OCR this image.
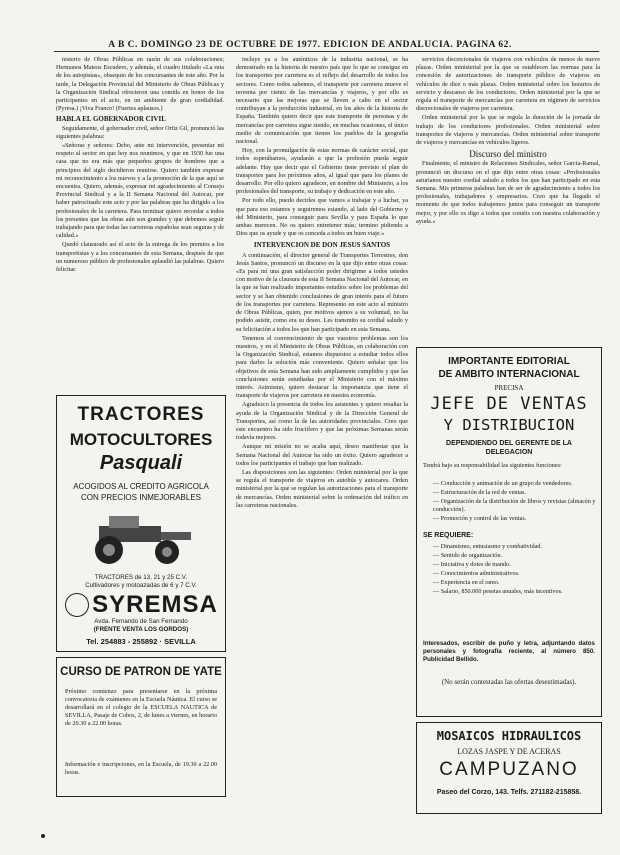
A B C. DOMINGO 23 DE OCTUBRE DE 1977. EDICION DE ANDALUCIA. PAGINA 62.

nisterio de Obras Públicas en razón de sus colaboraciones; Hermanos Mateos Escudero, y además, el cuadro titulado «La ruta de los autopistas», obsequio de los concursantes de este año. Por la tarde, la Delegación Provincial del Ministerio de Obras Públicas y la Organización Sindical ofrecieron una comida en honor de los participantes en el acto, en un ambiente de gran cordialidad. (Pyresa.) ¡Viva Franco! (Fuertes aplausos.)

HABLA EL GOBERNADOR CIVIL

Seguidamente, el gobernador civil, señor Ortiz Gil, pronunció las siguientes palabras:

«Señoras y señores: Debo, ante mi intervención, presentar mi respeto al sector en que hoy nos reunimos, y que en 1930 fue una casa que no era más que pequeños grupos de hombres que a principios del siglo decidieron reunirse. Quiero también expresar mi reconocimiento a los nuevos y a la promoción de la que aquí se encuentra. Quiero, además, expresar mi agradecimiento al Consejo Provincial Sindical y a la II Semana Nacional del Autocar, por haber patrocinado este acto y por las palabras que ha dirigido a los profesionales de la carretera. Para terminar quiero recordar a todos los presentes que las obras aún son grandes y que debemos seguir trabajando para que todas las carreteras españolas sean seguras y de calidad.»

Quedó clausurado así el acto de la entrega de los premios a los transportistas y a los concursantes de esta Semana, después de que un numeroso público de profesionales aplaudió las palabras. Quiero felicitar.

TRACTORES
MOTOCULTORES
Pasquali
ACOGIDOS AL CREDITO AGRICOLA
CON PRECIOS INMEJORABLES
TRACTORES de 13, 21 y 25 C.V.
Cultivadores y motoazadas de 6 y 7 C.V.
SYREMSA
Avda. Fernando de San Fernando
(FRENTE VENTA LOS GORDOS)
Tel. 254883 - 255892 · SEVILLA
CURSO DE PATRON DE YATE
Próximo comienzo para presentarse en la próxima convocatoria de exámenes en la Escuela Náutica. El curso se desarrollará en el colegio de la ESCUELA NAUTICA de SEVILLA, Pasaje de Cobos, 2, de lunes a viernes, en horario de 20.30 a 22.00 horas.
Información e inscripciones, en la Escuela, de 19.30 a 22.00 horas.

incluye ya a los auténticos de la industria nacional, se ha demostrado en la historia de nuestro país que lo que se consigue en los transportes por carretera es el reflejo del desarrollo de todos los sectores. Como todos sabemos, el transporte por carretera mueve el noventa por ciento de las mercancías y viajeros, y por ello es necesario que las mejoras que se lleven a cabo en el sector contribuyan a la producción industrial, en los años de la historia de España. También quiero decir que este transporte de personas y de mercancías por carretera sigue siendo, en muchas ocasiones, el único medio de comunicación que tienen los pueblos de la geografía nacional.

Hoy, con la promulgación de estas normas de carácter social, que todos esperábamos, ayudarán a que la profesión pueda seguir adelante. Hay que decir que el Gobierno tiene previsto el plan de transportes para los próximos años, al igual que para los planes de desarrollo. Por ello quiero agradecer, en nombre del Ministerio, a los profesionales del transporte, su trabajo y dedicación en este año.

Por todo ello, puedo decirles que vamos a trabajar y a luchar, ya que para eso estamos y seguiremos estando, al lado del Gobierno y del Ministerio, para conseguir para Sevilla y para España lo que ambas merecen. No os quiero entretener más; termino pidiendo a Dios que os ayude y que os conceda a todos un buen viaje.»

INTERVENCION DE DON JESUS SANTOS

A continuación, el director general de Transportes Terrestres, don Jesús Santos, pronunció un discurso en la que dijo entre otras cosas: «Es para mí una gran satisfacción poder dirigirme a todos ustedes con motivo de la clausura de esta II Semana Nacional del Autocar, en la que se han realizado importantes estudios sobre los problemas del sector y se han obtenido conclusiones de gran interés para el futuro de los transportes por carretera. Represento en este acto al ministro de Obras Públicas, quien, por motivos ajenos a su voluntad, no ha podido asistir, como era su deseo. Les transmito su cordial saludo y su felicitación a todos los que han participado en esta Semana.

Tenemos el convencimiento de que vuestros problemas son los nuestros, y en el Ministerio de Obras Públicas, en colaboración con la Organización Sindical, estamos dispuestos a estudiar todos ellos para darles la solución más conveniente. Quiero señalar que los objetivos de esta Semana han sido ampliamente cumplidos y que las conclusiones serán estudiadas por el Ministerio con el máximo interés. Asimismo, quiero destacar la importancia que tiene el transporte de viajeros por carretera en nuestra economía.

Agradezco la presencia de todos los asistentes y quiero resaltar la ayuda de la Organización Sindical y de la Dirección General de Transportes, así como la de las autoridades provinciales. Creo que este encuentro ha sido fructífero y que las próximas Semanas serán todavía mejores.

Aunque mi misión no se acaba aquí, deseo manifestar que la Semana Nacional del Autocar ha sido un éxito. Quiero agradecer a todos los participantes el trabajo que han realizado.

Las disposiciones son las siguientes: Orden ministerial por la que se regula el transporte de viajeros en autobús y autocares. Orden ministerial por la que se regulan las autorizaciones para el transporte de mercancías. Orden ministerial sobre la ordenación del tráfico en las carreteras nacionales.

servicios discrecionales de viajeros con vehículos de menos de nueve plazas. Orden ministerial por la que se establecen las normas para la concesión de autorizaciones de transporte público de viajeros en vehículos de diez o más plazas. Orden ministerial sobre los horarios de servicio y descanso de los conductores. Orden ministerial por la que se regula el transporte de mercancías por carretera en régimen de servicios discrecionales de viajeros por carretera.

Orden ministerial por la que se regula la duración de la jornada de trabajo de los conductores profesionales. Orden ministerial sobre transportes de viajeros y mercancías. Orden ministerial sobre transporte de viajeros y mercancías en vehículos ligeros.

Discurso del ministro

Finalmente, el ministro de Relaciones Sindicales, señor Garcia-Ramal, pronunció un discurso en el que dijo entre otras cosas: «Profesionales asturianos nuestro cordial saludo a todos los que han participado en esta Semana. Mis primeras palabras han de ser de agradecimiento a todos los profesionales, trabajadores y empresarios. Creo que ha llegado el momento de que todos trabajemos juntos para conseguir un transporte mejor, y por ello os digo a todos que contéis con nuestra colaboración y ayuda.»

IMPORTANTE EDITORIAL
DE AMBITO INTERNACIONAL
PRECISA
JEFE DE VENTAS
Y DISTRIBUCION
DEPENDIENDO DEL GERENTE DE LA DELEGACION
Tendrá bajo su responsabilidad las siguientes funciones:
— Conducción y animación de un grupo de vendedores.
— Estructuración de la red de ventas.
— Organización de la distribución de libros y revistas (almacén y conducción).
— Promoción y control de las ventas.
SE REQUIERE:
— Dinamismo, entusiasmo y combatividad.
— Sentido de organización.
— Iniciativa y dotes de mando.
— Conocimientos administrativos.
— Experiencia en el ramo.
— Salario, 850.000 pesetas anuales, más incentivos.
Interesados, escribir de puño y letra, adjuntando datos personales y fotografía reciente, al número 850. Publicidad Bellido.
(No serán contestadas las ofertas desestimadas).
MOSAICOS HIDRAULICOS
LOZAS JASPE Y DE ACERAS
CAMPUZANO
Paseo del Corzo, 143. Telfs. 271182-215858.
